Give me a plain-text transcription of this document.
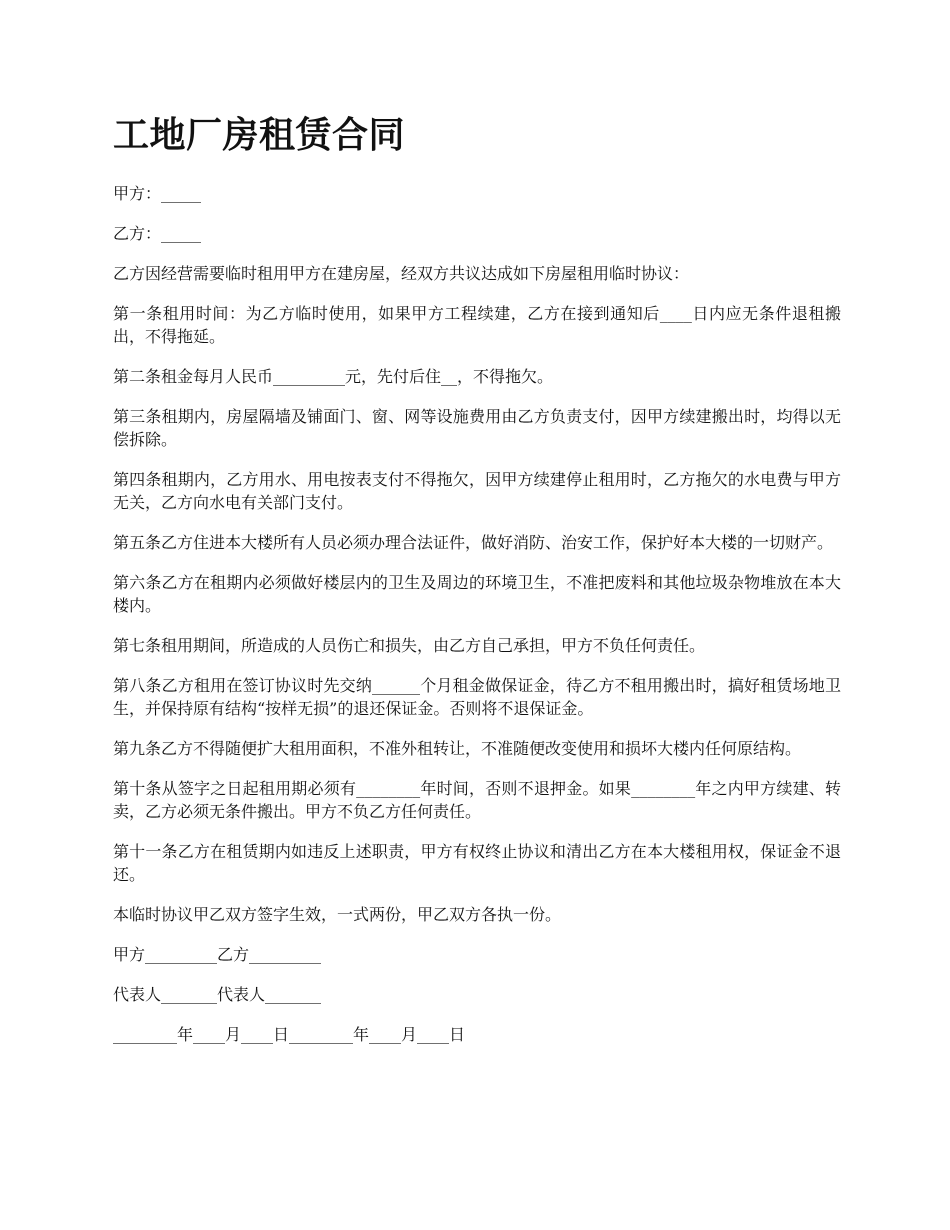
工地厂房租赁合同

甲方：_____

乙方：_____

乙方因经营需要临时租用甲方在建房屋，经双方共议达成如下房屋租用临时协议：

第一条租用时间：为乙方临时使用，如果甲方工程续建，乙方在接到通知后____日内应无条件退租搬出，不得拖延。

第二条租金每月人民币_________元，先付后住__，不得拖欠。

第三条租期内，房屋隔墙及铺面门、窗、网等设施费用由乙方负责支付，因甲方续建搬出时，均得以无偿拆除。

第四条租期内，乙方用水、用电按表支付不得拖欠，因甲方续建停止租用时，乙方拖欠的水电费与甲方无关，乙方向水电有关部门支付。

第五条乙方住进本大楼所有人员必须办理合法证件，做好消防、治安工作，保护好本大楼的一切财产。

第六条乙方在租期内必须做好楼层内的卫生及周边的环境卫生，不准把废料和其他垃圾杂物堆放在本大楼内。

第七条租用期间，所造成的人员伤亡和损失，由乙方自己承担，甲方不负任何责任。

第八条乙方租用在签订协议时先交纳______个月租金做保证金，待乙方不租用搬出时，搞好租赁场地卫生，并保持原有结构“按样无损”的退还保证金。否则将不退保证金。

第九条乙方不得随便扩大租用面积，不准外租转让，不准随便改变使用和损坏大楼内任何原结构。

第十条从签字之日起租用期必须有________年时间，否则不退押金。如果________年之内甲方续建、转卖，乙方必须无条件搬出。甲方不负乙方任何责任。

第十一条乙方在租赁期内如违反上述职责，甲方有权终止协议和清出乙方在本大楼租用权，保证金不退还。

本临时协议甲乙双方签字生效，一式两份，甲乙双方各执一份。

甲方_________乙方_________

代表人_______代表人_______

________年____月____日________年____月____日
